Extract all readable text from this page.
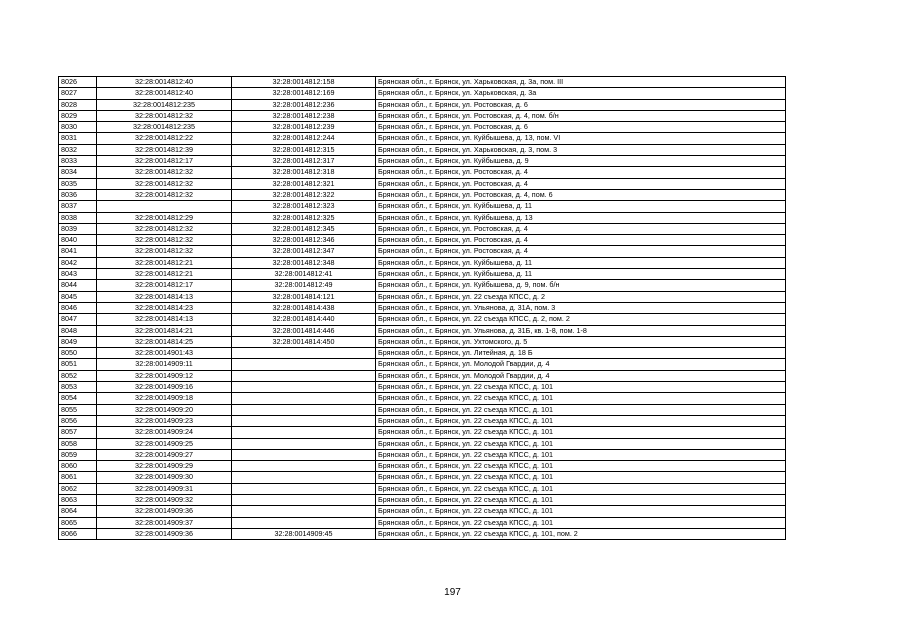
8026	32:28:0014812:40	32:28:0014812:158	Брянская обл., г. Брянск, ул. Харьковская, д. 3а, пом. III
8027	32:28:0014812:40	32:28:0014812:169	Брянская обл., г. Брянск, ул. Харьковская, д. 3а
8028	32:28:0014812:235	32:28:0014812:236	Брянская обл., г. Брянск, ул. Ростовская, д. 6
8029	32:28:0014812:32	32:28:0014812:238	Брянская обл., г. Брянск, ул. Ростовская, д. 4, пом. б/н
8030	32:28:0014812:235	32:28:0014812:239	Брянская обл., г. Брянск, ул. Ростовская, д. 6
8031	32:28:0014812:22	32:28:0014812:244	Брянская обл., г. Брянск, ул. Куйбышева, д. 13, пом. VI
8032	32:28:0014812:39	32:28:0014812:315	Брянская обл., г. Брянск, ул. Харьковская, д. 3, пом. 3
8033	32:28:0014812:17	32:28:0014812:317	Брянская обл., г. Брянск, ул. Куйбышева, д. 9
8034	32:28:0014812:32	32:28:0014812:318	Брянская обл., г. Брянск, ул. Ростовская, д. 4
8035	32:28:0014812:32	32:28:0014812:321	Брянская обл., г. Брянск, ул. Ростовская, д. 4
8036	32:28:0014812:32	32:28:0014812:322	Брянская обл., г. Брянск, ул. Ростовская, д. 4, пом. 6
8037		32:28:0014812:323	Брянская обл., г. Брянск, ул. Куйбышева, д. 11
8038	32:28:0014812:29	32:28:0014812:325	Брянская обл., г. Брянск, ул. Куйбышева, д. 13
8039	32:28:0014812:32	32:28:0014812:345	Брянская обл., г. Брянск, ул. Ростовская, д. 4
8040	32:28:0014812:32	32:28:0014812:346	Брянская обл., г. Брянск, ул. Ростовская, д. 4
8041	32:28:0014812:32	32:28:0014812:347	Брянская обл., г. Брянск, ул. Ростовская, д. 4
8042	32:28:0014812:21	32:28:0014812:348	Брянская обл., г. Брянск, ул. Куйбышева, д. 11
8043	32:28:0014812:21	32:28:0014812:41	Брянская обл., г. Брянск, ул. Куйбышева, д. 11
8044	32:28:0014812:17	32:28:0014812:49	Брянская обл., г. Брянск, ул. Куйбышева, д. 9, пом. б/н
8045	32:28:0014814:13	32:28:0014814:121	Брянская обл., г. Брянск, ул. 22 съезда КПСС, д. 2
8046	32:28:0014814:23	32:28:0014814:438	Брянская обл., г. Брянск, ул. Ульянова, д. 31А, пом. 3
8047	32:28:0014814:13	32:28:0014814:440	Брянская обл., г. Брянск, ул. 22 съезда КПСС, д. 2, пом. 2
8048	32:28:0014814:21	32:28:0014814:446	Брянская обл., г. Брянск, ул. Ульянова, д. 31Б, кв. 1-8, пом. 1-8
8049	32:28:0014814:25	32:28:0014814:450	Брянская обл., г. Брянск, ул. Ухтомского, д. 5
8050	32:28:0014901:43		Брянская обл., г. Брянск, ул. Литейная, д. 18 Б
8051	32:28:0014909:11		Брянская обл., г. Брянск, ул. Молодой Гвардии, д. 4
8052	32:28:0014909:12		Брянская обл., г. Брянск, ул. Молодой Гвардии, д. 4
8053	32:28:0014909:16		Брянская обл., г. Брянск, ул. 22 съезда КПСС, д. 101
8054	32:28:0014909:18		Брянская обл., г. Брянск, ул. 22 съезда КПСС, д. 101
8055	32:28:0014909:20		Брянская обл., г. Брянск, ул. 22 съезда КПСС, д. 101
8056	32:28:0014909:23		Брянская обл., г. Брянск, ул. 22 съезда КПСС, д. 101
8057	32:28:0014909:24		Брянская обл., г. Брянск, ул. 22 съезда КПСС, д. 101
8058	32:28:0014909:25		Брянская обл., г. Брянск, ул. 22 съезда КПСС, д. 101
8059	32:28:0014909:27		Брянская обл., г. Брянск, ул. 22 съезда КПСС, д. 101
8060	32:28:0014909:29		Брянская обл., г. Брянск, ул. 22 съезда КПСС, д. 101
8061	32:28:0014909:30		Брянская обл., г. Брянск, ул. 22 съезда КПСС, д. 101
8062	32:28:0014909:31		Брянская обл., г. Брянск, ул. 22 съезда КПСС, д. 101
8063	32:28:0014909:32		Брянская обл., г. Брянск, ул. 22 съезда КПСС, д. 101
8064	32:28:0014909:36		Брянская обл., г. Брянск, ул. 22 съезда КПСС, д. 101
8065	32:28:0014909:37		Брянская обл., г. Брянск, ул. 22 съезда КПСС, д. 101
8066	32:28:0014909:36	32:28:0014909:45	Брянская обл., г. Брянск, ул. 22 съезда КПСС, д. 101, пом. 2
197
